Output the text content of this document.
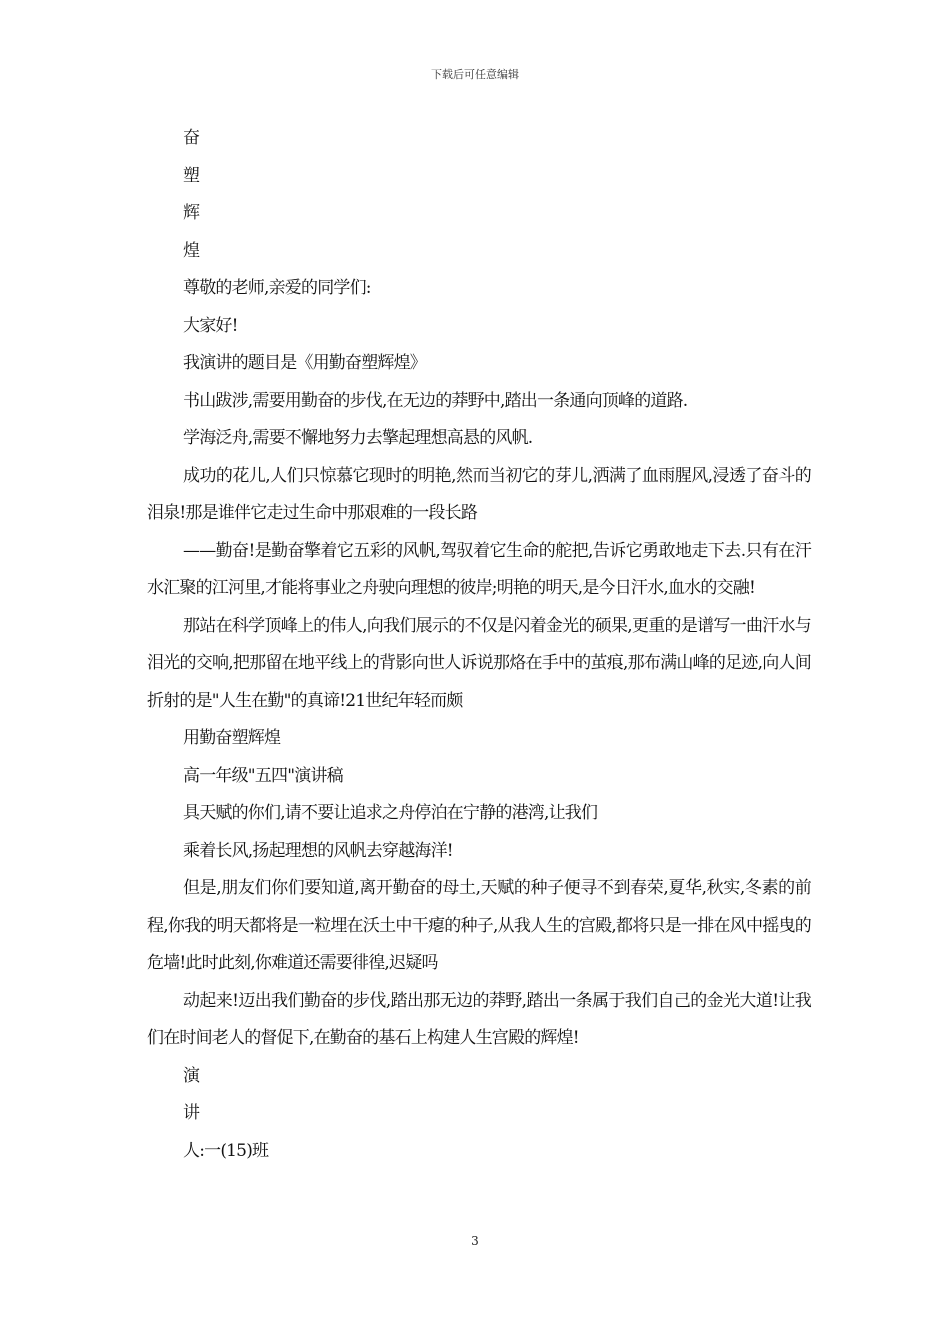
下载后可任意编辑

奋

塑

辉

煌

尊敬的老师,亲爱的同学们:

大家好!

我演讲的题目是《用勤奋塑辉煌》

书山跋涉,需要用勤奋的步伐,在无边的莽野中,踏出一条通向顶峰的道路.

学海泛舟,需要不懈地努力去擎起理想高悬的风帆.

成功的花儿,人们只惊慕它现时的明艳,然而当初它的芽儿,洒满了血雨腥风,浸透了奋斗的泪泉!那是谁伴它走过生命中那艰难的一段长路

——勤奋!是勤奋擎着它五彩的风帆,驾驭着它生命的舵把,告诉它勇敢地走下去.只有在汗水汇聚的江河里,才能将事业之舟驶向理想的彼岸;明艳的明天,是今日汗水,血水的交融!

那站在科学顶峰上的伟人,向我们展示的不仅是闪着金光的硕果,更重的是谱写一曲汗水与泪光的交响,把那留在地平线上的背影向世人诉说那烙在手中的茧痕,那布满山峰的足迹,向人间折射的是"人生在勤"的真谛!21世纪年轻而颇

用勤奋塑辉煌

高一年级"五四"演讲稿

具天赋的你们,请不要让追求之舟停泊在宁静的港湾,让我们

乘着长风,扬起理想的风帆去穿越海洋!

但是,朋友们你们要知道,离开勤奋的母土,天赋的种子便寻不到春荣,夏华,秋实,冬素的前程,你我的明天都将是一粒埋在沃土中干瘪的种子,从我人生的宫殿,都将只是一排在风中摇曳的危墙!此时此刻,你难道还需要徘徨,迟疑吗

动起来!迈出我们勤奋的步伐,踏出那无边的莽野,踏出一条属于我们自己的金光大道!让我们在时间老人的督促下,在勤奋的基石上构建人生宫殿的辉煌!

演

讲

人:一(15)班

3
